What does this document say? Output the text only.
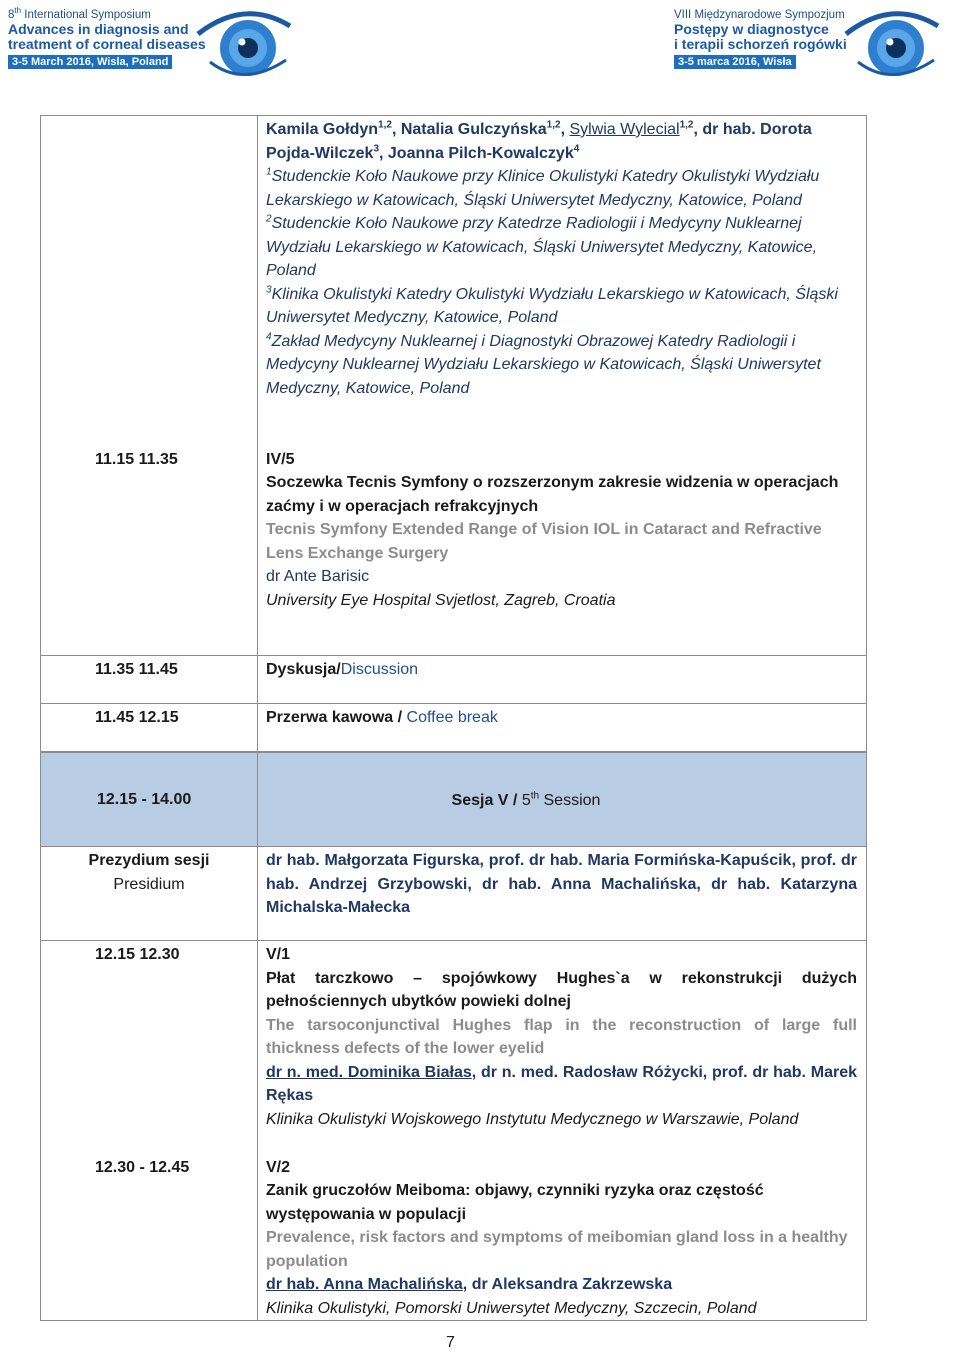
8th International Symposium
Advances in diagnosis and
treatment of corneal diseases
3-5 March 2016, Wisla, Poland
VIII Międzynarodowe Sympozjum
Postępy w diagnostyce
i terapii schorzeń rogówki
3-5 marca 2016, Wisła

	Kamila Gołdyn$^{1,2}$, Natalia Gulczyńska$^{1,2}$, Sylwia Wylecial$^{1,2}$, dr hab. Dorota Pojda-Wilczek$^3$, Joanna Pilch-Kowalczyk$^4$
$^1$Studenckie Koło Naukowe przy Klinice Okulistyki Katedry Okulistyki Wydziału Lekarskiego w Katowicach, Śląski Uniwersytet Medyczny, Katowice, Poland
$^2$Studenckie Koło Naukowe przy Katedrze Radiologii i Medycyny Nuklearnej Wydziału Lekarskiego w Katowicach, Śląski Uniwersytet Medyczny, Katowice, Poland
$^3$Klinika Okulistyki Katedry Okulistyki Wydziału Lekarskiego w Katowicach, Śląski Uniwersytet Medyczny, Katowice, Poland
$^4$Zakład Medycyny Nuklearnej i Diagnostyki Obrazowej Katedry Radiologii i Medycyny Nuklearnej Wydziału Lekarskiego w Katowicach, Śląski Uniwersytet Medyczny, Katowice, Poland

11.15 11.35	IV/5
Soczewka Tecnis Symfony o rozszerzonym zakresie widzenia w operacjach zaćmy i w operacjach refrakcyjnych
Tecnis Symfony Extended Range of Vision IOL in Cataract and Refractive Lens Exchange Surgery
dr Ante Barisic
University Eye Hospital Svjetlost, Zagreb, Croatia

11.35 11.45	Dyskusja/Discussion
11.45 12.15	Przerwa kawowa / Coffee break

12.15 - 14.00	Sesja V / 5th Session

Prezydium sesji
Presidium	dr hab. Małgorzata Figurska, prof. dr hab. Maria Formińska-Kapuścik, prof. dr hab. Andrzej Grzybowski, dr hab. Anna Machalińska, dr hab. Katarzyna Michalska-Małecka

12.15 12.30	V/1
Płat tarczkowo – spojówkowy Hughes`a w rekonstrukcji dużych pełnościennych ubytków powieki dolnej
The tarsoconjunctival Hughes flap in the reconstruction of large full thickness defects of the lower eyelid
dr n. med. Dominika Białas, dr n. med. Radosław Różycki, prof. dr hab. Marek Rękas
Klinika Okulistyki Wojskowego Instytutu Medycznego w Warszawie, Poland

12.30 - 12.45	V/2
Zanik gruczołów Meiboma: objawy, czynniki ryzyka oraz częstość występowania w populacji
Prevalence, risk factors and symptoms of meibomian gland loss in a healthy population
dr hab. Anna Machalińska, dr Aleksandra Zakrzewska
Klinika Okulistyki, Pomorski Uniwersytet Medyczny, Szczecin, Poland
7
